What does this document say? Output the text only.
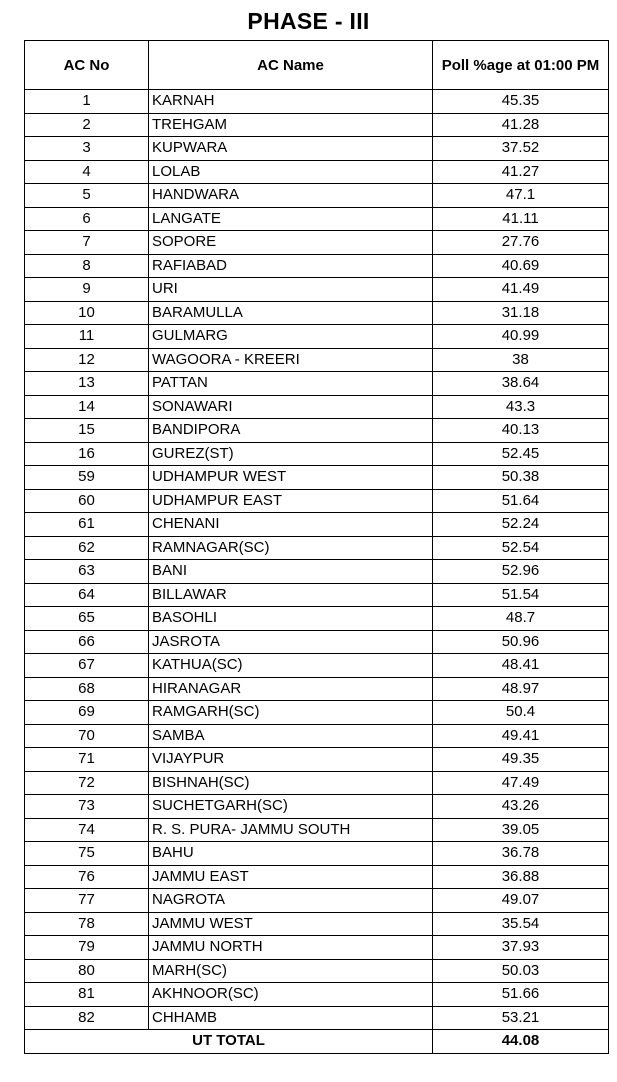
PHASE - III
AC No	AC Name	Poll %age at 01:00 PM
1	KARNAH	45.35
2	TREHGAM	41.28
3	KUPWARA	37.52
4	LOLAB	41.27
5	HANDWARA	47.1
6	LANGATE	41.11
7	SOPORE	27.76
8	RAFIABAD	40.69
9	URI	41.49
10	BARAMULLA	31.18
11	GULMARG	40.99
12	WAGOORA - KREERI	38
13	PATTAN	38.64
14	SONAWARI	43.3
15	BANDIPORA	40.13
16	GUREZ(ST)	52.45
59	UDHAMPUR WEST	50.38
60	UDHAMPUR EAST	51.64
61	CHENANI	52.24
62	RAMNAGAR(SC)	52.54
63	BANI	52.96
64	BILLAWAR	51.54
65	BASOHLI	48.7
66	JASROTA	50.96
67	KATHUA(SC)	48.41
68	HIRANAGAR	48.97
69	RAMGARH(SC)	50.4
70	SAMBA	49.41
71	VIJAYPUR	49.35
72	BISHNAH(SC)	47.49
73	SUCHETGARH(SC)	43.26
74	R. S. PURA- JAMMU SOUTH	39.05
75	BAHU	36.78
76	JAMMU EAST	36.88
77	NAGROTA	49.07
78	JAMMU WEST	35.54
79	JAMMU NORTH	37.93
80	MARH(SC)	50.03
81	AKHNOOR(SC)	51.66
82	CHHAMB	53.21
UT TOTAL		44.08
